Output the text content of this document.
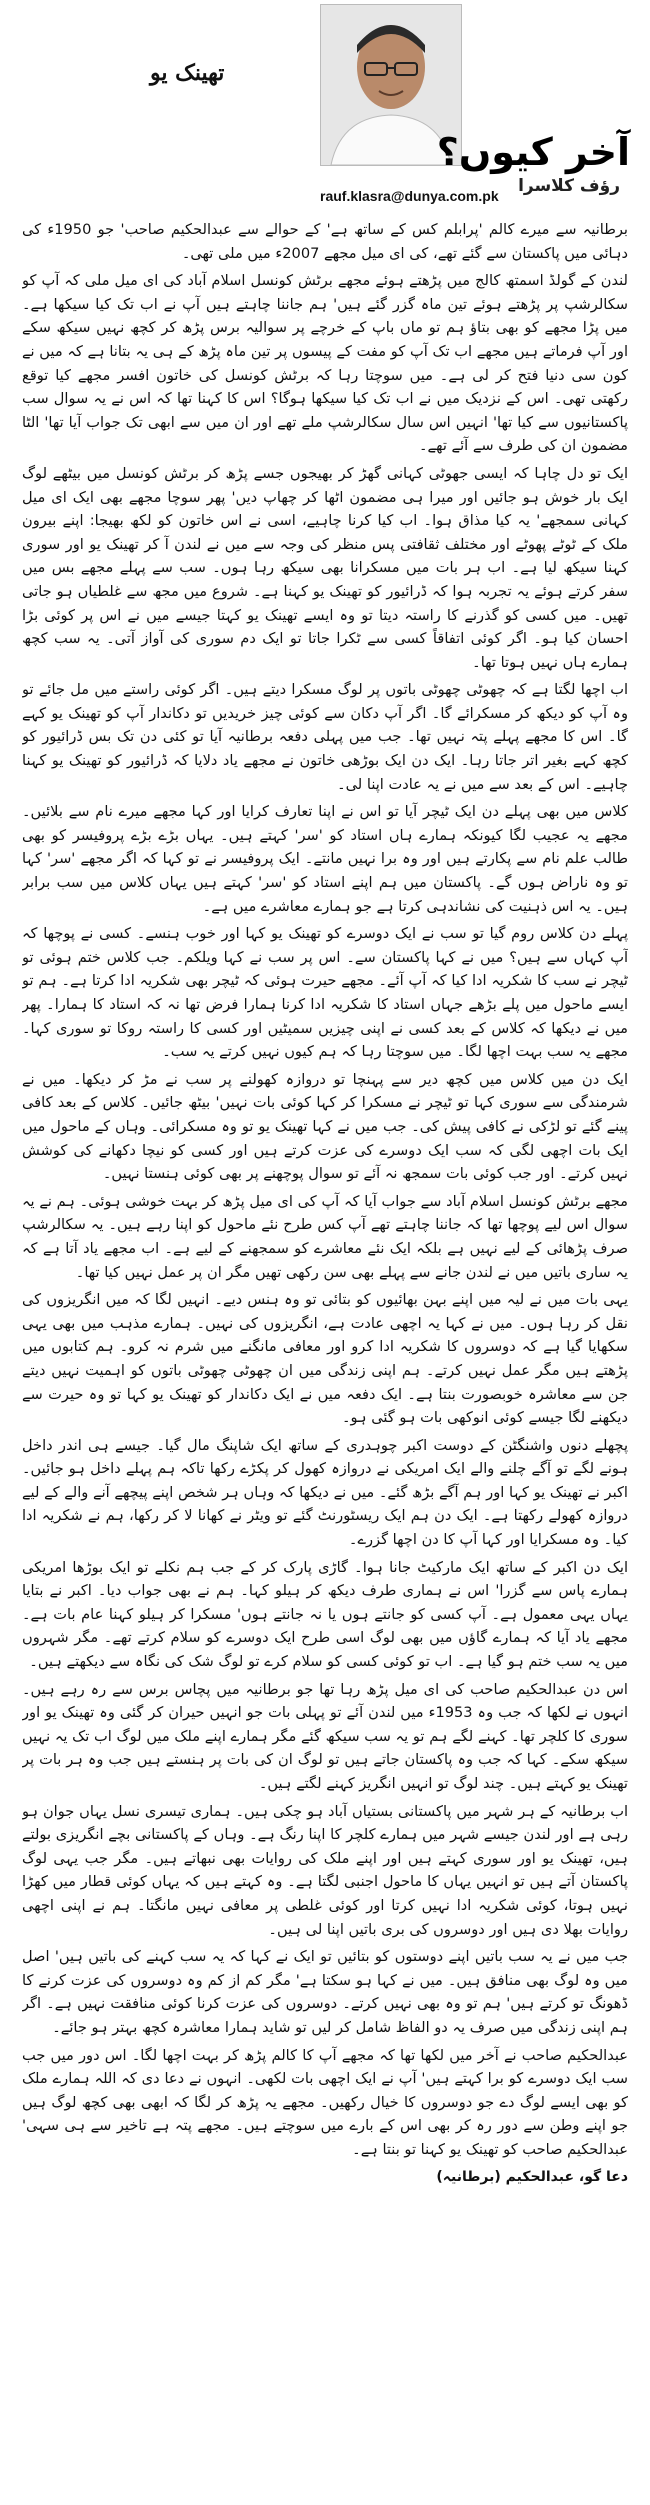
تھینک یو
آخر کیوں؟
رؤف کلاسرا
rauf.klasra@dunya.com.pk

برطانیہ سے میرے کالم 'پرابلم کس کے ساتھ ہے' کے حوالے سے عبدالحکیم صاحب' جو 1950ء کی دہائی میں پاکستان سے گئے تھے، کی ای میل مجھے 2007ء میں ملی تھی۔

لندن کے گولڈ اسمتھ کالج میں پڑھتے ہوئے مجھے برٹش کونسل اسلام آباد کی ای میل ملی کہ آپ کو سکالرشپ پر پڑھتے ہوئے تین ماہ گزر گئے ہیں' ہم جاننا چاہتے ہیں آپ نے اب تک کیا سیکھا ہے۔ میں پڑا مجھے کو بھی بتاؤ ہم تو ماں باپ کے خرچے پر سوالیہ برس پڑھ کر کچھ نہیں سیکھ سکے اور آپ فرماتے ہیں مجھے اب تک آپ کو مفت کے پیسوں پر تین ماہ پڑھ کے ہی یہ بتانا ہے کہ میں نے کون سی دنیا فتح کر لی ہے۔ میں سوچتا رہا کہ برٹش کونسل کی خاتون افسر مجھے کیا توقع رکھتی تھی۔ اس کے نزدیک میں نے اب تک کیا سیکھا ہوگا؟ اس کا کہنا تھا کہ اس نے یہ سوال سب پاکستانیوں سے کیا تھا' انہیں اس سال سکالرشپ ملے تھے اور ان میں سے ابھی تک جواب آیا تھا' الٹا مضمون ان کی طرف سے آئے تھے۔

ایک تو دل چاہا کہ ایسی جھوٹی کہانی گھڑ کر بھیجوں جسے پڑھ کر برٹش کونسل میں بیٹھے لوگ ایک بار خوش ہو جائیں اور میرا ہی مضمون اٹھا کر چھاپ دیں' پھر سوچا مجھے بھی ایک ای میل کہانی سمجھے' یہ کیا مذاق ہوا۔ اب کیا کرنا چاہیے، اسی نے اس خاتون کو لکھ بھیجا: اپنے بیرون ملک کے ٹوٹے پھوٹے اور مختلف ثقافتی پس منظر کی وجہ سے میں نے لندن آ کر تھینک یو اور سوری کہنا سیکھ لیا ہے۔ اب ہر بات میں مسکرانا بھی سیکھ رہا ہوں۔ سب سے پہلے مجھے بس میں سفر کرتے ہوئے یہ تجربہ ہوا کہ ڈرائیور کو تھینک یو کہنا ہے۔ شروع میں مجھ سے غلطیاں ہو جاتی تھیں۔ میں کسی کو گذرنے کا راستہ دیتا تو وہ ایسے تھینک یو کہتا جیسے میں نے اس پر کوئی بڑا احسان کیا ہو۔ اگر کوئی اتفاقاً کسی سے ٹکرا جاتا تو ایک دم سوری کی آواز آتی۔ یہ سب کچھ ہمارے ہاں نہیں ہوتا تھا۔

اب اچھا لگتا ہے کہ چھوٹی چھوٹی باتوں پر لوگ مسکرا دیتے ہیں۔ اگر کوئی راستے میں مل جائے تو وہ آپ کو دیکھ کر مسکرائے گا۔ اگر آپ دکان سے کوئی چیز خریدیں تو دکاندار آپ کو تھینک یو کہے گا۔ اس کا مجھے پہلے پتہ نہیں تھا۔ جب میں پہلی دفعہ برطانیہ آیا تو کئی دن تک بس ڈرائیور کو کچھ کہے بغیر اتر جاتا رہا۔ ایک دن ایک بوڑھی خاتون نے مجھے یاد دلایا کہ ڈرائیور کو تھینک یو کہنا چاہیے۔ اس کے بعد سے میں نے یہ عادت اپنا لی۔

کلاس میں بھی پہلے دن ایک ٹیچر آیا تو اس نے اپنا تعارف کرایا اور کہا مجھے میرے نام سے بلائیں۔ مجھے یہ عجیب لگا کیونکہ ہمارے ہاں استاد کو 'سر' کہتے ہیں۔ یہاں بڑے بڑے پروفیسر کو بھی طالب علم نام سے پکارتے ہیں اور وہ برا نہیں مانتے۔ ایک پروفیسر نے تو کہا کہ اگر مجھے 'سر' کہا تو وہ ناراض ہوں گے۔ پاکستان میں ہم اپنے استاد کو 'سر' کہتے ہیں یہاں کلاس میں سب برابر ہیں۔ یہ اس ذہنیت کی نشاندہی کرتا ہے جو ہمارے معاشرے میں ہے۔

پہلے دن کلاس روم گیا تو سب نے ایک دوسرے کو تھینک یو کہا اور خوب ہنسے۔ کسی نے پوچھا کہ آپ کہاں سے ہیں؟ میں نے کہا پاکستان سے۔ اس پر سب نے کہا ویلکم۔ جب کلاس ختم ہوئی تو ٹیچر نے سب کا شکریہ ادا کیا کہ آپ آئے۔ مجھے حیرت ہوئی کہ ٹیچر بھی شکریہ ادا کرتا ہے۔ ہم تو ایسے ماحول میں پلے بڑھے جہاں استاد کا شکریہ ادا کرنا ہمارا فرض تھا نہ کہ استاد کا ہمارا۔ پھر میں نے دیکھا کہ کلاس کے بعد کسی نے اپنی چیزیں سمیٹیں اور کسی کا راستہ روکا تو سوری کہا۔ مجھے یہ سب بہت اچھا لگا۔ میں سوچتا رہا کہ ہم کیوں نہیں کرتے یہ سب۔

ایک دن میں کلاس میں کچھ دیر سے پہنچا تو دروازہ کھولنے پر سب نے مڑ کر دیکھا۔ میں نے شرمندگی سے سوری کہا تو ٹیچر نے مسکرا کر کہا کوئی بات نہیں' بیٹھ جائیں۔ کلاس کے بعد کافی پینے گئے تو لڑکی نے کافی پیش کی۔ جب میں نے کہا تھینک یو تو وہ مسکرائی۔ وہاں کے ماحول میں ایک بات اچھی لگی کہ سب ایک دوسرے کی عزت کرتے ہیں اور کسی کو نیچا دکھانے کی کوشش نہیں کرتے۔ اور جب کوئی بات سمجھ نہ آئے تو سوال پوچھنے پر بھی کوئی ہنستا نہیں۔

مجھے برٹش کونسل اسلام آباد سے جواب آیا کہ آپ کی ای میل پڑھ کر بہت خوشی ہوئی۔ ہم نے یہ سوال اس لیے پوچھا تھا کہ جاننا چاہتے تھے آپ کس طرح نئے ماحول کو اپنا رہے ہیں۔ یہ سکالرشپ صرف پڑھائی کے لیے نہیں ہے بلکہ ایک نئے معاشرے کو سمجھنے کے لیے ہے۔ اب مجھے یاد آتا ہے کہ یہ ساری باتیں میں نے لندن جانے سے پہلے بھی سن رکھی تھیں مگر ان پر عمل نہیں کیا تھا۔

یہی بات میں نے لیہ میں اپنے بہن بھائیوں کو بتائی تو وہ ہنس دیے۔ انہیں لگا کہ میں انگریزوں کی نقل کر رہا ہوں۔ میں نے کہا یہ اچھی عادت ہے، انگریزوں کی نہیں۔ ہمارے مذہب میں بھی یہی سکھایا گیا ہے کہ دوسروں کا شکریہ ادا کرو اور معافی مانگنے میں شرم نہ کرو۔ ہم کتابوں میں پڑھتے ہیں مگر عمل نہیں کرتے۔ ہم اپنی زندگی میں ان چھوٹی چھوٹی باتوں کو اہمیت نہیں دیتے جن سے معاشرہ خوبصورت بنتا ہے۔ ایک دفعہ میں نے ایک دکاندار کو تھینک یو کہا تو وہ حیرت سے دیکھنے لگا جیسے کوئی انوکھی بات ہو گئی ہو۔

پچھلے دنوں واشنگٹن کے دوست اکبر چوہدری کے ساتھ ایک شاپنگ مال گیا۔ جیسے ہی اندر داخل ہونے لگے تو آگے چلنے والے ایک امریکی نے دروازہ کھول کر پکڑے رکھا تاکہ ہم پہلے داخل ہو جائیں۔ اکبر نے تھینک یو کہا اور ہم آگے بڑھ گئے۔ میں نے دیکھا کہ وہاں ہر شخص اپنے پیچھے آنے والے کے لیے دروازہ کھولے رکھتا ہے۔ ایک دن ہم ایک ریسٹورنٹ گئے تو ویٹر نے کھانا لا کر رکھا، ہم نے شکریہ ادا کیا۔ وہ مسکرایا اور کہا آپ کا دن اچھا گزرے۔

ایک دن اکبر کے ساتھ ایک مارکیٹ جانا ہوا۔ گاڑی پارک کر کے جب ہم نکلے تو ایک بوڑھا امریکی ہمارے پاس سے گزرا' اس نے ہماری طرف دیکھ کر ہیلو کہا۔ ہم نے بھی جواب دیا۔ اکبر نے بتایا یہاں یہی معمول ہے۔ آپ کسی کو جانتے ہوں یا نہ جانتے ہوں' مسکرا کر ہیلو کہنا عام بات ہے۔ مجھے یاد آیا کہ ہمارے گاؤں میں بھی لوگ اسی طرح ایک دوسرے کو سلام کرتے تھے۔ مگر شہروں میں یہ سب ختم ہو گیا ہے۔ اب تو کوئی کسی کو سلام کرے تو لوگ شک کی نگاہ سے دیکھتے ہیں۔

اس دن عبدالحکیم صاحب کی ای میل پڑھ رہا تھا جو برطانیہ میں پچاس برس سے رہ رہے ہیں۔ انہوں نے لکھا کہ جب وہ 1953ء میں لندن آئے تو پہلی بات جو انہیں حیران کر گئی وہ تھینک یو اور سوری کا کلچر تھا۔ کہنے لگے ہم تو یہ سب سیکھ گئے مگر ہمارے اپنے ملک میں لوگ اب تک یہ نہیں سیکھ سکے۔ کہا کہ جب وہ پاکستان جاتے ہیں تو لوگ ان کی بات پر ہنستے ہیں جب وہ ہر بات پر تھینک یو کہتے ہیں۔ چند لوگ تو انہیں انگریز کہنے لگتے ہیں۔

اب برطانیہ کے ہر شہر میں پاکستانی بستیاں آباد ہو چکی ہیں۔ ہماری تیسری نسل یہاں جوان ہو رہی ہے اور لندن جیسے شہر میں ہمارے کلچر کا اپنا رنگ ہے۔ وہاں کے پاکستانی بچے انگریزی بولتے ہیں، تھینک یو اور سوری کہتے ہیں اور اپنے ملک کی روایات بھی نبھاتے ہیں۔ مگر جب یہی لوگ پاکستان آتے ہیں تو انہیں یہاں کا ماحول اجنبی لگتا ہے۔ وہ کہتے ہیں کہ یہاں کوئی قطار میں کھڑا نہیں ہوتا، کوئی شکریہ ادا نہیں کرتا اور کوئی غلطی پر معافی نہیں مانگتا۔ ہم نے اپنی اچھی روایات بھلا دی ہیں اور دوسروں کی بری باتیں اپنا لی ہیں۔

جب میں نے یہ سب باتیں اپنے دوستوں کو بتائیں تو ایک نے کہا کہ یہ سب کہنے کی باتیں ہیں' اصل میں وہ لوگ بھی منافق ہیں۔ میں نے کہا ہو سکتا ہے' مگر کم از کم وہ دوسروں کی عزت کرنے کا ڈھونگ تو کرتے ہیں' ہم تو وہ بھی نہیں کرتے۔ دوسروں کی عزت کرنا کوئی منافقت نہیں ہے۔ اگر ہم اپنی زندگی میں صرف یہ دو الفاظ شامل کر لیں تو شاید ہمارا معاشرہ کچھ بہتر ہو جائے۔

عبدالحکیم صاحب نے آخر میں لکھا تھا کہ مجھے آپ کا کالم پڑھ کر بہت اچھا لگا۔ اس دور میں جب سب ایک دوسرے کو برا کہتے ہیں' آپ نے ایک اچھی بات لکھی۔ انہوں نے دعا دی کہ اللہ ہمارے ملک کو بھی ایسے لوگ دے جو دوسروں کا خیال رکھیں۔ مجھے یہ پڑھ کر لگا کہ ابھی بھی کچھ لوگ ہیں جو اپنے وطن سے دور رہ کر بھی اس کے بارے میں سوچتے ہیں۔ مجھے پتہ ہے تاخیر سے ہی سہی' عبدالحکیم صاحب کو تھینک یو کہنا تو بنتا ہے۔

دعا گو، عبدالحکیم (برطانیہ)
